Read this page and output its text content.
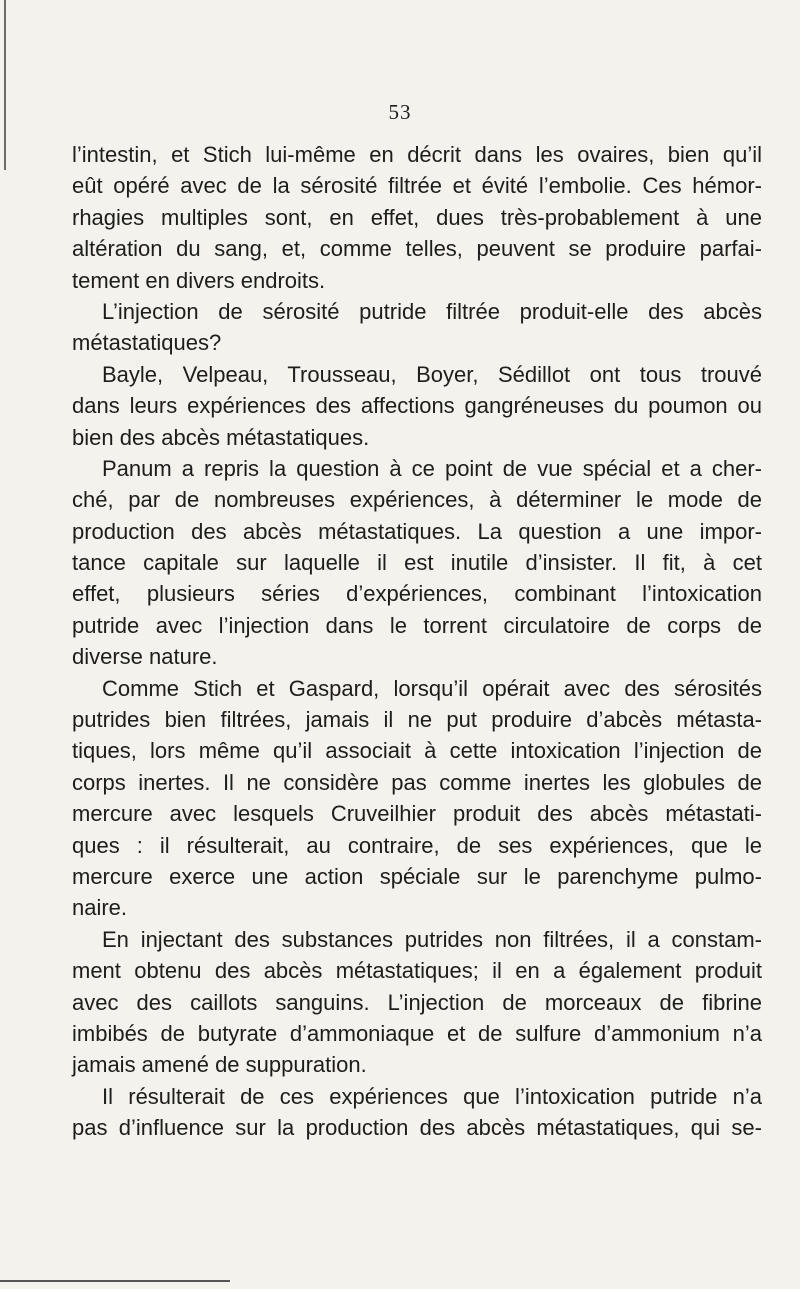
53
l’intestin, et Stich lui-même en décrit dans les ovaires, bien qu’il
eût opéré avec de la sérosité filtrée et évité l’embolie. Ces hémor-
rhagies multiples sont, en effet, dues très-probablement à une
altération du sang, et, comme telles, peuvent se produire parfai-
tement en divers endroits.
L’injection de sérosité putride filtrée produit-elle des abcès
métastatiques?
Bayle, Velpeau, Trousseau, Boyer, Sédillot ont tous trouvé
dans leurs expériences des affections gangréneuses du poumon ou
bien des abcès métastatiques.
Panum a repris la question à ce point de vue spécial et a cher-
ché, par de nombreuses expériences, à déterminer le mode de
production des abcès métastatiques. La question a une impor-
tance capitale sur laquelle il est inutile d’insister. Il fit, à cet
effet, plusieurs séries d’expériences, combinant l’intoxication
putride avec l’injection dans le torrent circulatoire de corps de
diverse nature.
Comme Stich et Gaspard, lorsqu’il opérait avec des sérosités
putrides bien filtrées, jamais il ne put produire d’abcès métasta-
tiques, lors même qu’il associait à cette intoxication l’injection de
corps inertes. Il ne considère pas comme inertes les globules de
mercure avec lesquels Cruveilhier produit des abcès métastati-
ques : il résulterait, au contraire, de ses expériences, que le
mercure exerce une action spéciale sur le parenchyme pulmo-
naire.
En injectant des substances putrides non filtrées, il a constam-
ment obtenu des abcès métastatiques; il en a également produit
avec des caillots sanguins. L’injection de morceaux de fibrine
imbibés de butyrate d’ammoniaque et de sulfure d’ammonium n’a
jamais amené de suppuration.
Il résulterait de ces expériences que l’intoxication putride n’a
pas d’influence sur la production des abcès métastatiques, qui se-
